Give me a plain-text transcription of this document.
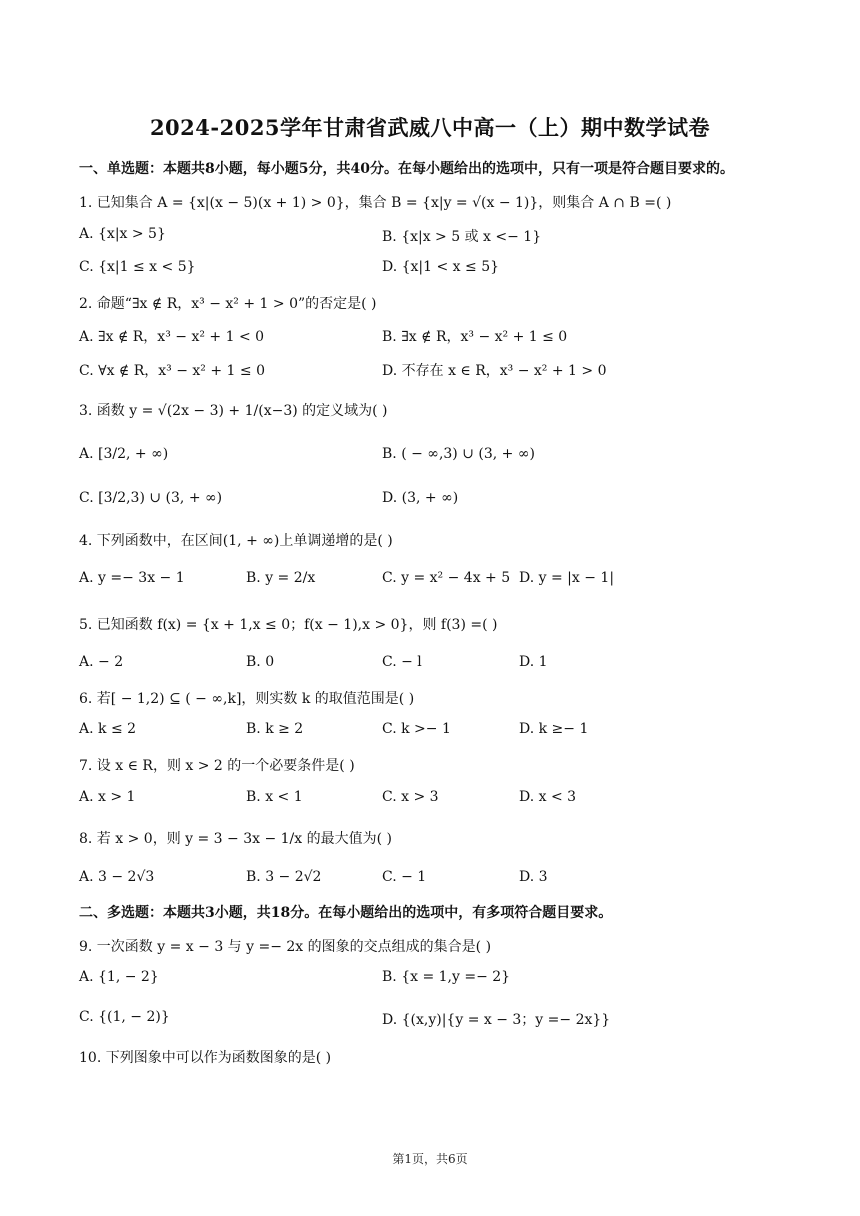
2024-2025学年甘肃省武威八中高一（上）期中数学试卷
一、单选题：本题共8小题，每小题5分，共40分。在每小题给出的选项中，只有一项是符合题目要求的。
1. 已知集合 A = {x|(x − 5)(x + 1) > 0}，集合 B = {x|y = √(x − 1)}，则集合 A ∩ B =( )
A. {x|x > 5}	B. {x|x > 5 或 x <− 1}
C. {x|1 ≤ x < 5}	D. {x|1 < x ≤ 5}
2. 命题“∃x ∉ R，x³ − x² + 1 > 0”的否定是( )
A. ∃x ∉ R，x³ − x² + 1 < 0	B. ∃x ∉ R，x³ − x² + 1 ≤ 0
C. ∀x ∉ R，x³ − x² + 1 ≤ 0	D. 不存在 x ∈ R，x³ − x² + 1 > 0
3. 函数 y = √(2x − 3) + 1/(x−3) 的定义域为( )
A. [3/2, + ∞)	B. ( − ∞,3) ∪ (3, + ∞)
C. [3/2,3) ∪ (3, + ∞)	D. (3, + ∞)
4. 下列函数中，在区间(1, + ∞)上单调递增的是( )
A. y =− 3x − 1	B. y = 2/x	C. y = x² − 4x + 5 D. y = |x − 1|
5. 已知函数 f(x) = {x + 1,x ≤ 0；f(x − 1),x > 0}，则 f(3) =( )
A. − 2	B. 0	C. − l	D. 1
6. 若[ − 1,2) ⊆ ( − ∞,k]，则实数 k 的取值范围是( )
A. k ≤ 2	B. k ≥ 2	C. k >− 1	D. k ≥− 1
7. 设 x ∈ R，则 x > 2 的一个必要条件是( )
A. x > 1	B. x < 1	C. x > 3	D. x < 3
8. 若 x > 0，则 y = 3 − 3x − 1/x 的最大值为( )
A. 3 − 2√3	B. 3 − 2√2	C. − 1	D. 3
二、多选题：本题共3小题，共18分。在每小题给出的选项中，有多项符合题目要求。
9. 一次函数 y = x − 3 与 y =− 2x 的图象的交点组成的集合是( )
A. {1, − 2}	B. {x = 1,y =− 2}
C. {(1, − 2)}	D. {(x,y)|{y = x − 3；y =− 2x}}
10. 下列图象中可以作为函数图象的是( )
第1页，共6页
